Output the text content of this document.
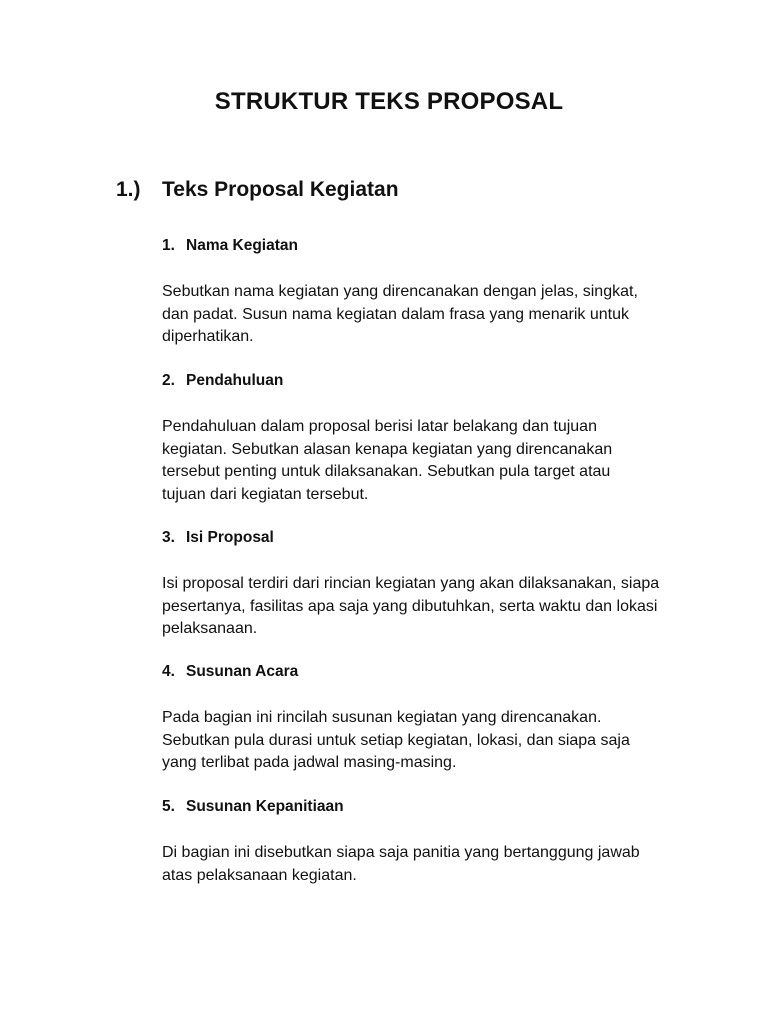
STRUKTUR TEKS PROPOSAL
1.) Teks Proposal Kegiatan

1. Nama Kegiatan

Sebutkan nama kegiatan yang direncanakan dengan jelas, singkat,
dan padat. Susun nama kegiatan dalam frasa yang menarik untuk
diperhatikan.

2. Pendahuluan

Pendahuluan dalam proposal berisi latar belakang dan tujuan
kegiatan. Sebutkan alasan kenapa kegiatan yang direncanakan
tersebut penting untuk dilaksanakan. Sebutkan pula target atau
tujuan dari kegiatan tersebut.

3. Isi Proposal

Isi proposal terdiri dari rincian kegiatan yang akan dilaksanakan, siapa
pesertanya, fasilitas apa saja yang dibutuhkan, serta waktu dan lokasi
pelaksanaan.

4. Susunan Acara

Pada bagian ini rincilah susunan kegiatan yang direncanakan.
Sebutkan pula durasi untuk setiap kegiatan, lokasi, dan siapa saja
yang terlibat pada jadwal masing-masing.

5. Susunan Kepanitiaan

Di bagian ini disebutkan siapa saja panitia yang bertanggung jawab
atas pelaksanaan kegiatan.
